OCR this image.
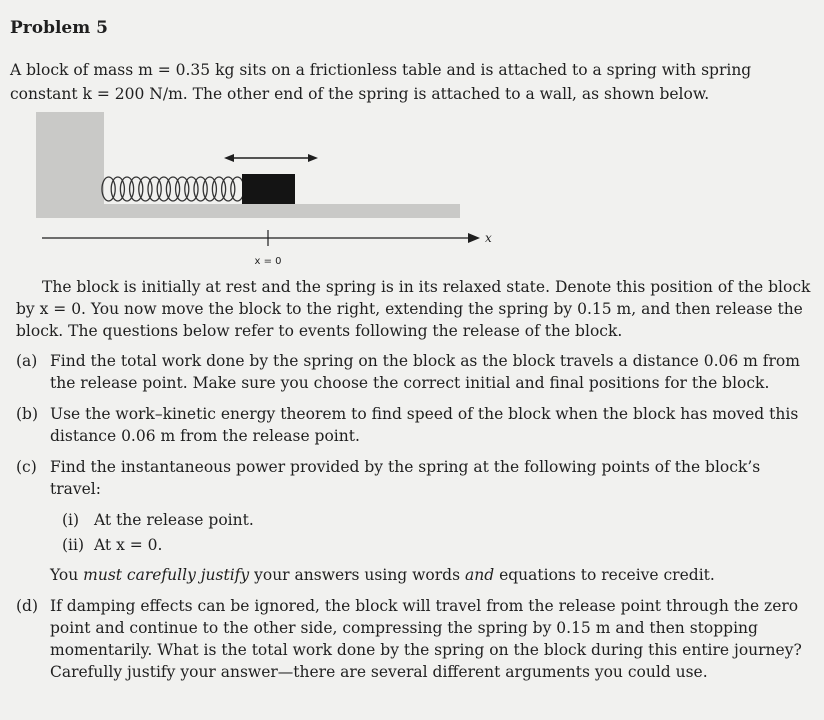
Problem 5

A block of mass m = 0.35 kg sits on a frictionless table and is attached to a spring with spring constant k = 200 N/m. The other end of the spring is attached to a wall, as shown below.

x
x = 0

The block is initially at rest and the spring is in its relaxed state. Denote this position of the block by x = 0. You now move the block to the right, extending the spring by 0.15 m, and then release the block. The questions below refer to events following the release of the block.

(a) Find the total work done by the spring on the block as the block travels a distance 0.06 m from the release point. Make sure you choose the correct initial and final positions for the block.
(b) Use the work–kinetic energy theorem to find speed of the block when the block has moved this distance 0.06 m from the release point.
(c) Find the instantaneous power provided by the spring at the following points of the block’s travel:
(i) At the release point.
(ii) At x = 0.

You must carefully justify your answers using words and equations to receive credit.

(d) If damping effects can be ignored, the block will travel from the release point through the zero point and continue to the other side, compressing the spring by 0.15 m and then stopping momentarily. What is the total work done by the spring on the block during this entire journey? Carefully justify your answer—there are several different arguments you could use.
